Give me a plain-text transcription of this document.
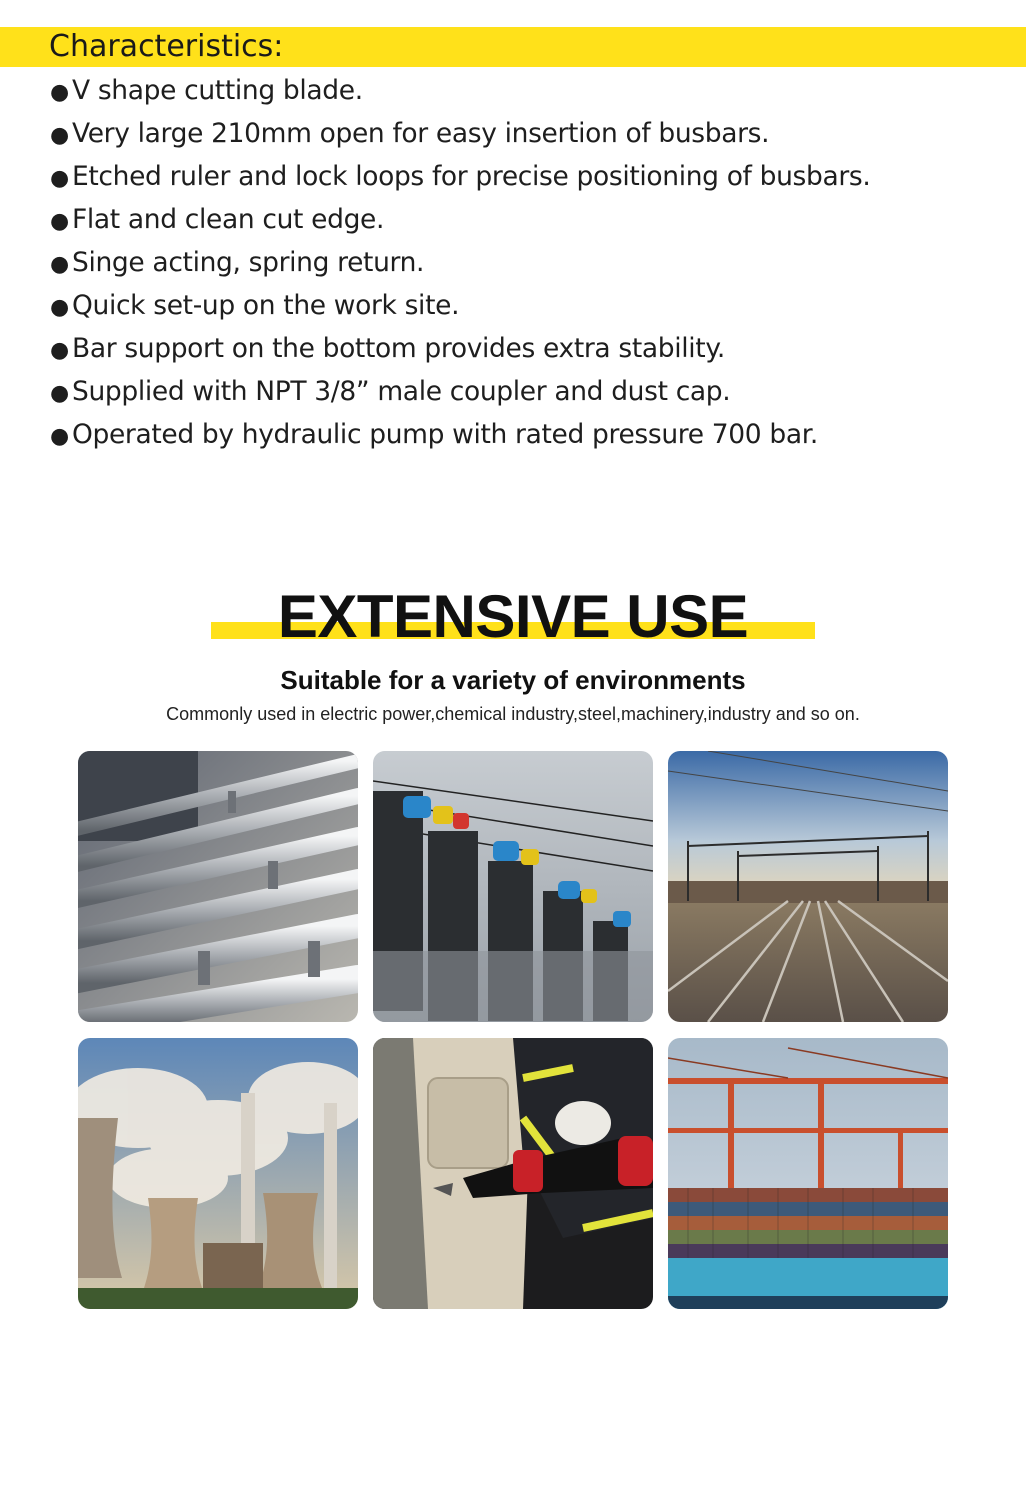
Characteristics:
● V shape cutting blade.
● Very large 210mm open for easy insertion of busbars.
● Etched ruler and lock loops for precise positioning of busbars.
● Flat and clean cut edge.
● Singe acting, spring return.
● Quick set-up on the work site.
● Bar support on the bottom provides extra stability.
● Supplied with NPT 3/8” male coupler and dust cap.
● Operated by hydraulic pump with rated pressure 700 bar.
EXTENSIVE USE
Suitable for a variety of environments
Commonly used in electric power,chemical industry,steel,machinery,industry and so on.
